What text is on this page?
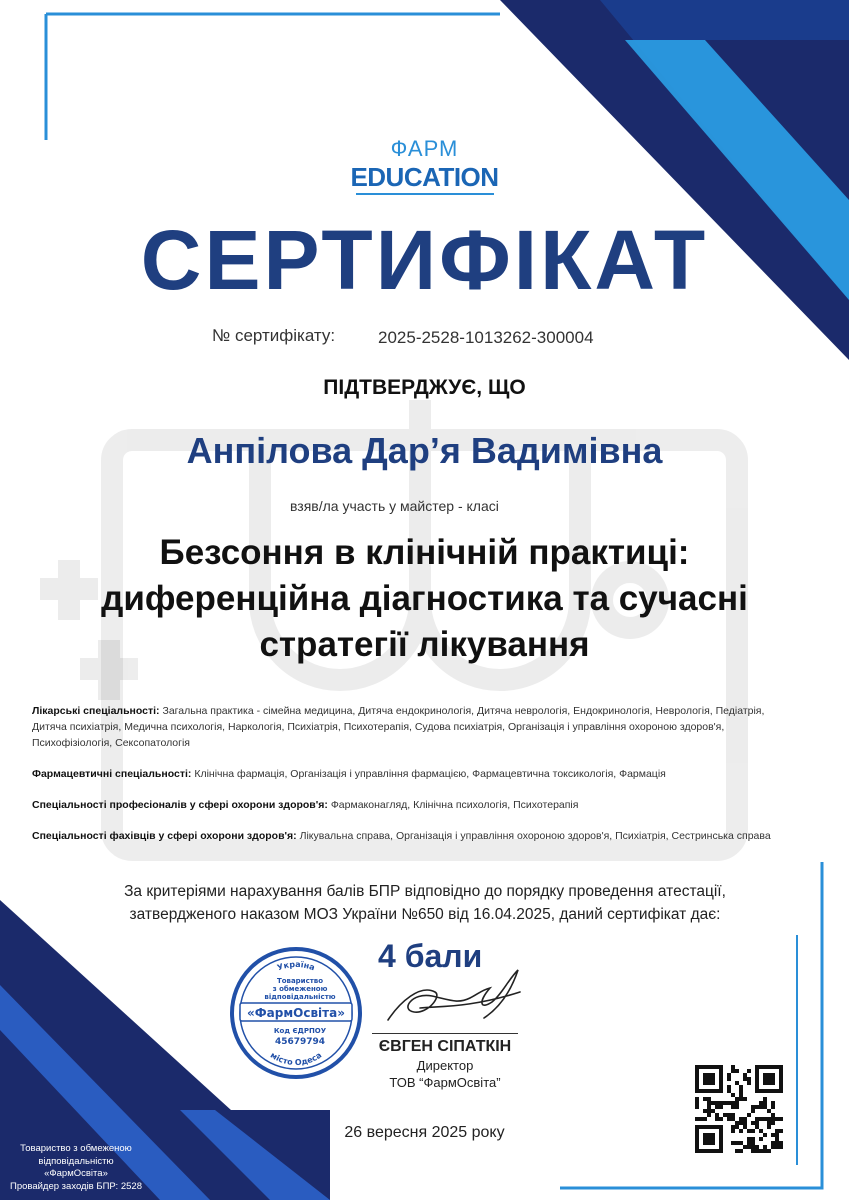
ФАРМ
EDUCATION
СЕРТИФІКАТ
№ сертифікату:	2025-2528-1013262-300004
ПІДТВЕРДЖУЄ, ЩО
Анпілова Дар’я Вадимівна
взяв/ла участь у майстер - класі
Безсоння в клінічній практиці:
диференційна діагностика та сучасні
стратегії лікування
Лікарські спеціальності: Загальна практика - сімейна медицина, Дитяча ендокринологія, Дитяча неврологія, Ендокринологія, Неврологія, Педіатрія, Дитяча психіатрія, Медична психологія, Наркологія, Психіатрія, Психотерапія, Судова психіатрія, Організація і управління охороною здоров'я, Психофізіологія, Сексопатологія
Фармацевтичні спеціальності: Клінічна фармація, Організація і управління фармацією, Фармацевтична токсикологія, Фармація
Спеціальності професіоналів у сфері охорони здоров'я: Фармаконагляд, Клінічна психологія, Психотерапія
Спеціальності фахівців у сфері охорони здоров'я: Лікувальна справа, Організація і управління охороною здоров'я, Психіатрія, Сестринська справа
За критеріями нарахування балів БПР відповідно до порядку проведення атестації,
затвердженого наказом МОЗ України №650 від 16.04.2025, даний сертифікат дає:
4 бали
Україна
місто Одеса
Товариство
з обмеженою
відповідальністю
«ФармОсвіта»
Код ЄДРПОУ
45679794	ЄВГЕН СІПАТКІН
Директор
ТОВ “ФармОсвіта”
26 вересня 2025 року
Товариство з обмеженою
відповідальністю
«ФармОсвіта»
Провайдер заходів БПР: 2528
